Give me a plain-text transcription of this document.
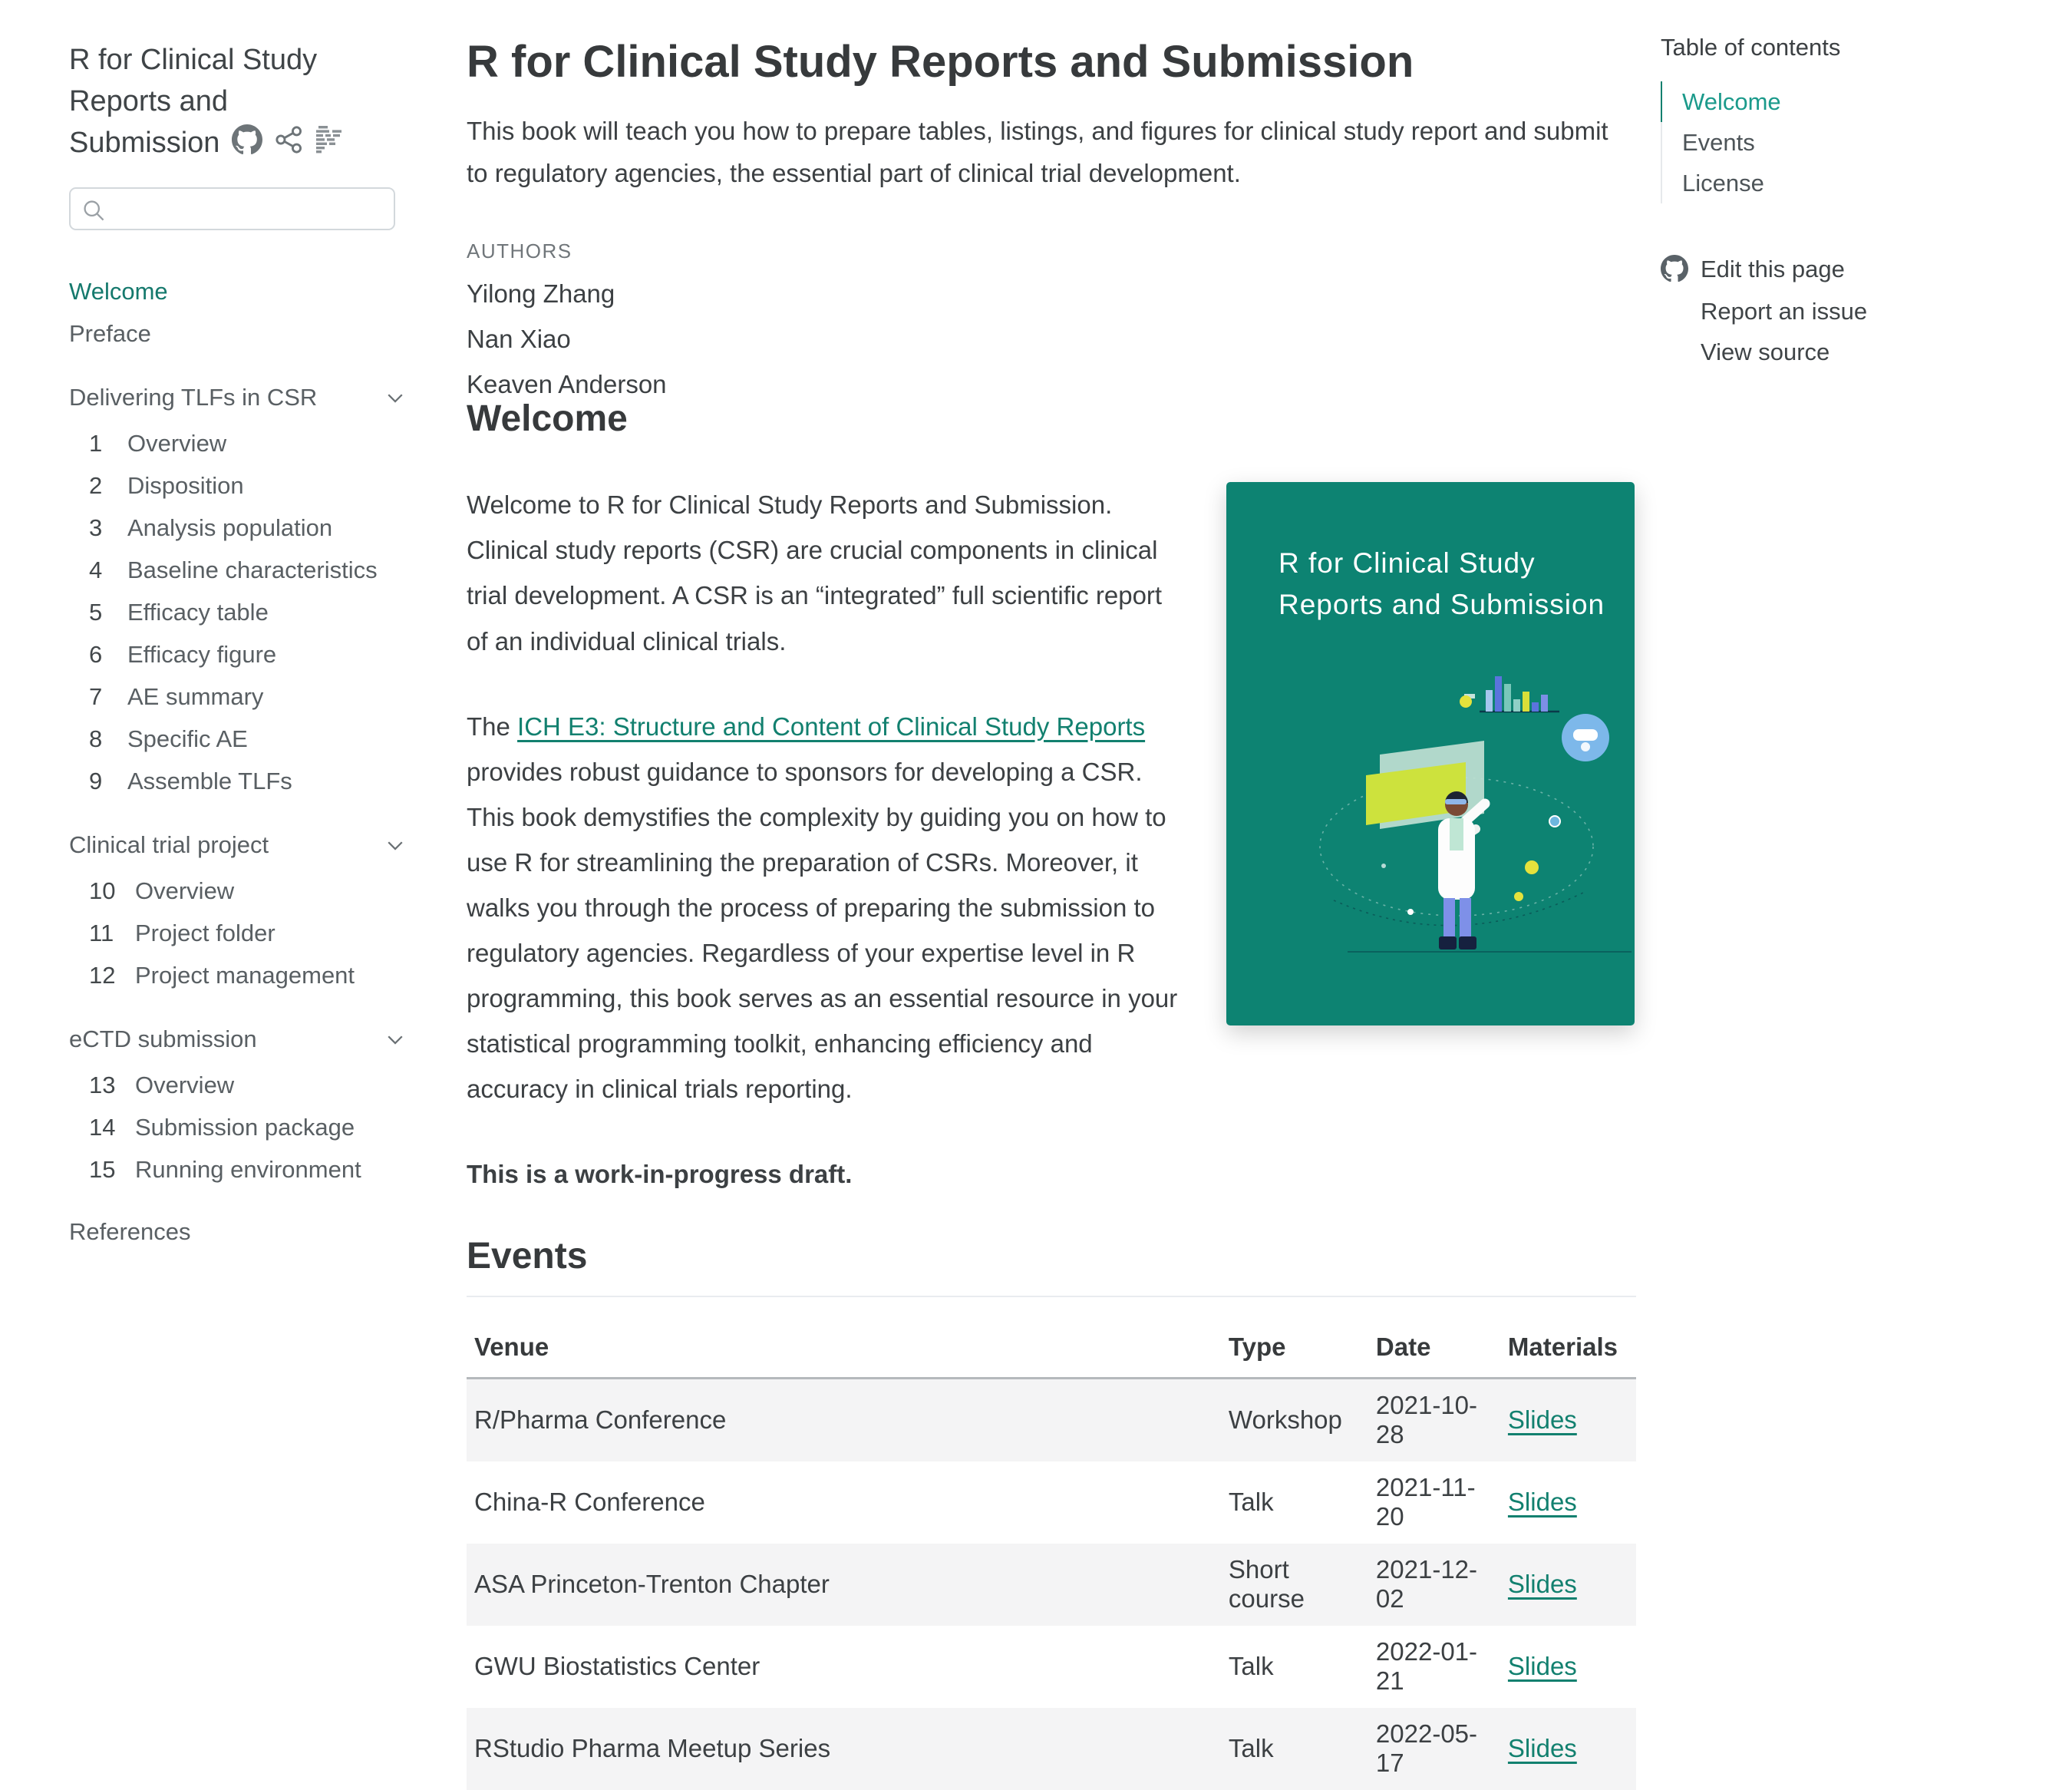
R for Clinical Study Reports and Submission
Welcome
Preface
Delivering TLFs in CSR
1 Overview
2 Disposition
3 Analysis population
4 Baseline characteristics
5 Efficacy table
6 Efficacy figure
7 AE summary
8 Specific AE
9 Assemble TLFs
Clinical trial project
10 Overview
11 Project folder
12 Project management
eCTD submission
13 Overview
14 Submission package
15 Running environment
References
R for Clinical Study Reports and Submission
This book will teach you how to prepare tables, listings, and figures for clinical study report and submit to regulatory agencies, the essential part of clinical trial development.
AUTHORS
Yilong Zhang
Nan Xiao
Keaven Anderson
Welcome

Welcome to R for Clinical Study Reports and Submission. Clinical study reports (CSR) are crucial components in clinical trial development. A CSR is an “integrated” full scientific report of an individual clinical trials.

The ICH E3: Structure and Content of Clinical Study Reports provides robust guidance to sponsors for developing a CSR. This book demystifies the complexity by guiding you on how to use R for streamlining the preparation of CSRs. Moreover, it walks you through the process of preparing the submission to regulatory agencies. Regardless of your expertise level in R programming, this book serves as an essential resource in your statistical programming toolkit, enhancing efficiency and accuracy in clinical trials reporting.

This is a work-in-progress draft.

R for Clinical Study
Reports and Submission
Events
Venue	Type	Date	Materials
R/Pharma Conference	Workshop	2021-10-28	Slides
China-R Conference	Talk	2021-11-20	Slides
ASA Princeton-Trenton Chapter	Short course	2021-12-02	Slides
GWU Biostatistics Center	Talk	2022-01-21	Slides
RStudio Pharma Meetup Series	Talk	2022-05-17	Slides
Table of contents
Welcome
Events
License
Edit this page
Report an issue
View source
